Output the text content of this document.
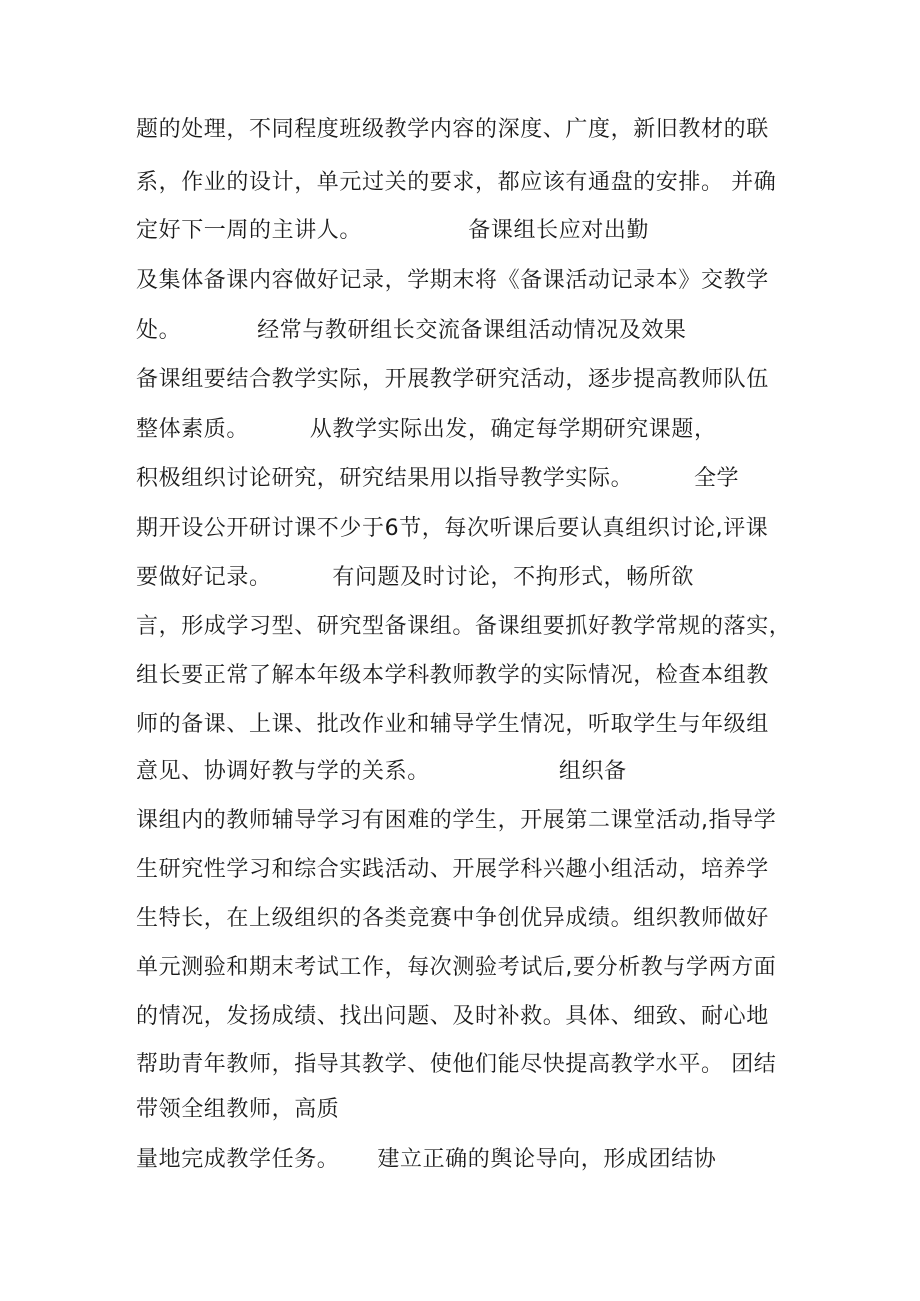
题的处理，不同程度班级教学内容的深度、广度，新旧教材的联
系，作业的设计，单元过关的要求，都应该有通盘的安排。 并确
定好下一周的主讲人。              备课组长应对出勤
及集体备课内容做好记录，学期末将《备课活动记录本》交教学
处。          经常与教研组长交流备课组活动情况及效果
备课组要结合教学实际，开展教学研究活动，逐步提高教师队伍
整体素质。        从教学实际出发，确定每学期研究课题，
积极组织讨论研究，研究结果用以指导教学实际。        全学
期开设公开研讨课不少于6节，每次听课后要认真组织讨论,评课
要做好记录。        有问题及时讨论，不拘形式，畅所欲
言，形成学习型、研究型备课组。备课组要抓好教学常规的落实，
组长要正常了解本年级本学科教师教学的实际情况，检查本组教
师的备课、上课、批改作业和辅导学生情况，听取学生与年级组
意见、协调好教与学的关系。                 组织备
课组内的教师辅导学习有困难的学生，开展第二课堂活动,指导学
生研究性学习和综合实践活动、开展学科兴趣小组活动，培养学
生特长，在上级组织的各类竞赛中争创优异成绩。组织教师做好
单元测验和期末考试工作，每次测验考试后,要分析教与学两方面
的情况，发扬成绩、找出问题、及时补救。具体、细致、耐心地
帮助青年教师，指导其教学、使他们能尽快提高教学水平。 团结
带领全组教师，高质
量地完成教学任务。     建立正确的舆论导向，形成团结协
